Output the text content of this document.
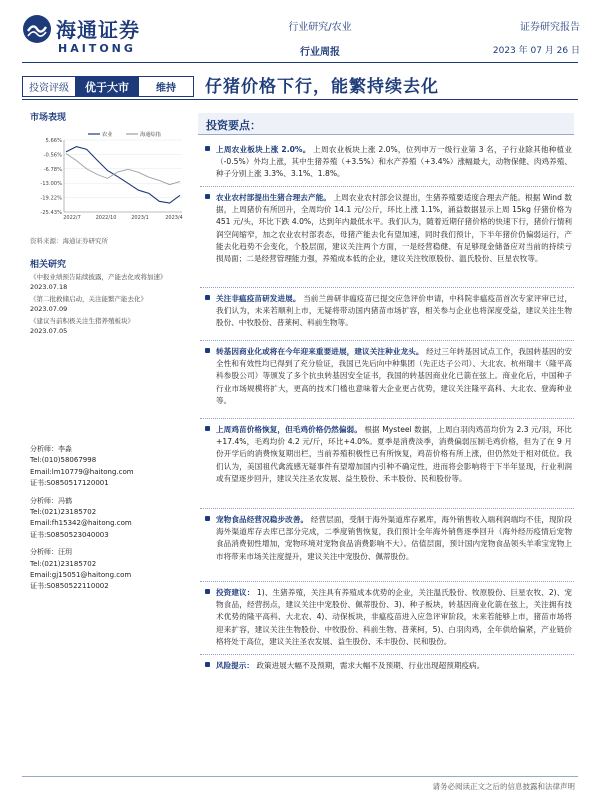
海通证券
HAITONG
行业研究/农业
行业周报
证券研究报告
2023 年 07 月 26 日
投资评级	优于大市	维持	仔猪价格下行，能繁持续去化
市场表现
5.66%
-0.56%
-6.78%
-13.00%
-19.22%
-25.43%
2022/7	2022/10	2023/1	2023/4
农业	海通综指
资料来源：海通证券研究所
相关研究
《中报业绩预告陆续披露，产能去化或将加速》
2023.07.18
《第二批救储启动，关注能繁产能去化》
2023.07.09
《建议当前积极关注生猪养殖板块》
2023.07.05
分析师：李淼
Tel:(010)58067998
Email:lm10779@haitong.com
证书:S0850517120001
分析师：冯鹤
Tel:(021)23185702
Email:fh15342@haitong.com
证书:S0850523040003
分析师：汪玥
Tel:(021)23185702
Email:gj15051@haitong.com
证书:S0850522110002
投资要点：
上周农业板块上涨 2.0%。 上周农业板块上涨 2.0%，位列申万一级行业第 3 名，子行业除其他种植业（-0.5%）外均上涨，其中生猪养殖（+3.5%）和水产养殖（+3.4%）涨幅最大，动物保健、肉鸡养殖、种子分别上涨 3.3%、3.1%、1.8%。
农业农村部提出生猪合理去产能。 上周农业农村部会议提出，生猪养殖要适度合理去产能。根据 Wind 数据，上周猪价有所回升，全周均价 14.1 元/公斤，环比上涨 1.1%，涌益数据显示上周 15kg 仔猪价格为 451 元/头，环比下跌 4.0%，达到年内最低水平。我们认为，随着近期仔猪价格的快速下行，猪价行情利润空间缩窄，加之农业农村部表态，母猪产能去化有望加速，同时我们预计，下半年猪价仍偏弱运行，产能去化趋势不会变化，个股层面，建议关注两个方面，一是经营稳健、有足够现金储备应对当前的持续亏损局面；二是经营管理能力强，养殖成本低的企业，建议关注牧原股份、温氏股份、巨星农牧等。
关注非瘟疫苗研发进展。 当前兰兽研非瘟疫苗已提交应急评价申请，中科院非瘟疫苗首次专家评审已过，我们认为，未来若顺利上市，无疑将带动国内猪苗市场扩容，相关参与企业也将深度受益，建议关注生物股份、中牧股份、普莱柯、科前生物等。
转基因商业化或将在今年迎来重要进展，建议关注种业龙头。 经过三年转基因试点工作，我国转基因的安全性和有效性均已得到了充分验证，我国已先后向中种集团（先正达子公司）、大北农、杭州瑞丰（隆平高科参股公司）等颁发了多个抗虫转基因安全证书，我国的转基因商业化已箭在弦上。商业化后，中国种子行业市场规模将扩大，更高的技术门槛也意味着大企业更占优势，建议关注隆平高科、大北农、登海种业等。
上周鸡苗价格恢复，但毛鸡价格仍然偏弱。 根据 Mysteel 数据，上周白羽肉鸡苗均价为 2.3 元/羽，环比+17.4%，毛鸡均价 4.2 元/斤，环比+4.0%。夏季是消费淡季，消费偏弱压制毛鸡价格，但为了在 9 月份开学后的消费恢复期出栏，当前养殖积极性已有所恢复，鸡苗价格有所上涨，但仍然处于相对低位。我们认为，美国祖代禽流感无疑事件有望增加国内引种不确定性，进而将会影响将于下半年显现，行业利润或有望逐步回升，建议关注圣农发展、益生股份、禾丰股份、民和股份等。
宠物食品经营况稳步改善。 经营层面，受制于海外渠道库存累库，海外销售收入端利润端均不佳，现阶段海外渠道库存去库已部分完成，二季度销售恢复，我们预计全年海外销售逐季回升（海外经历疫情后宠物食品消费韧性增加，宠物环境对宠物食品消费影响不大）。估值层面，预计国内宠物食品领头羊乖宝宠物上市将带来市场关注度提升，建议关注中宠股份、佩蒂股份。
投资建议： 1)、生猪养殖，关注具有养殖成本优势的企业，关注温氏股份、牧原股份、巨星农牧、2)、宠物食品，经营拐点，建议关注中宠股份、佩蒂股份、3)、种子板块，转基因商业化箭在弦上，关注拥有技术优势的隆平高科、大北农、4)、动保板块，非瘟疫苗进入应急评审阶段，未来若能够上市，猪苗市场将迎来扩容，建议关注生物股份、中牧股份、科前生物、普莱柯，5)、白羽肉鸡，全年供给偏紧，产业链价格将处于高位，建议关注圣农发展、益生股份、禾丰股份、民和股份。
风险提示： 政策进展大幅不及预期，需求大幅不及预期、行业出现超预期疫病。
请务必阅读正文之后的信息披露和法律声明
